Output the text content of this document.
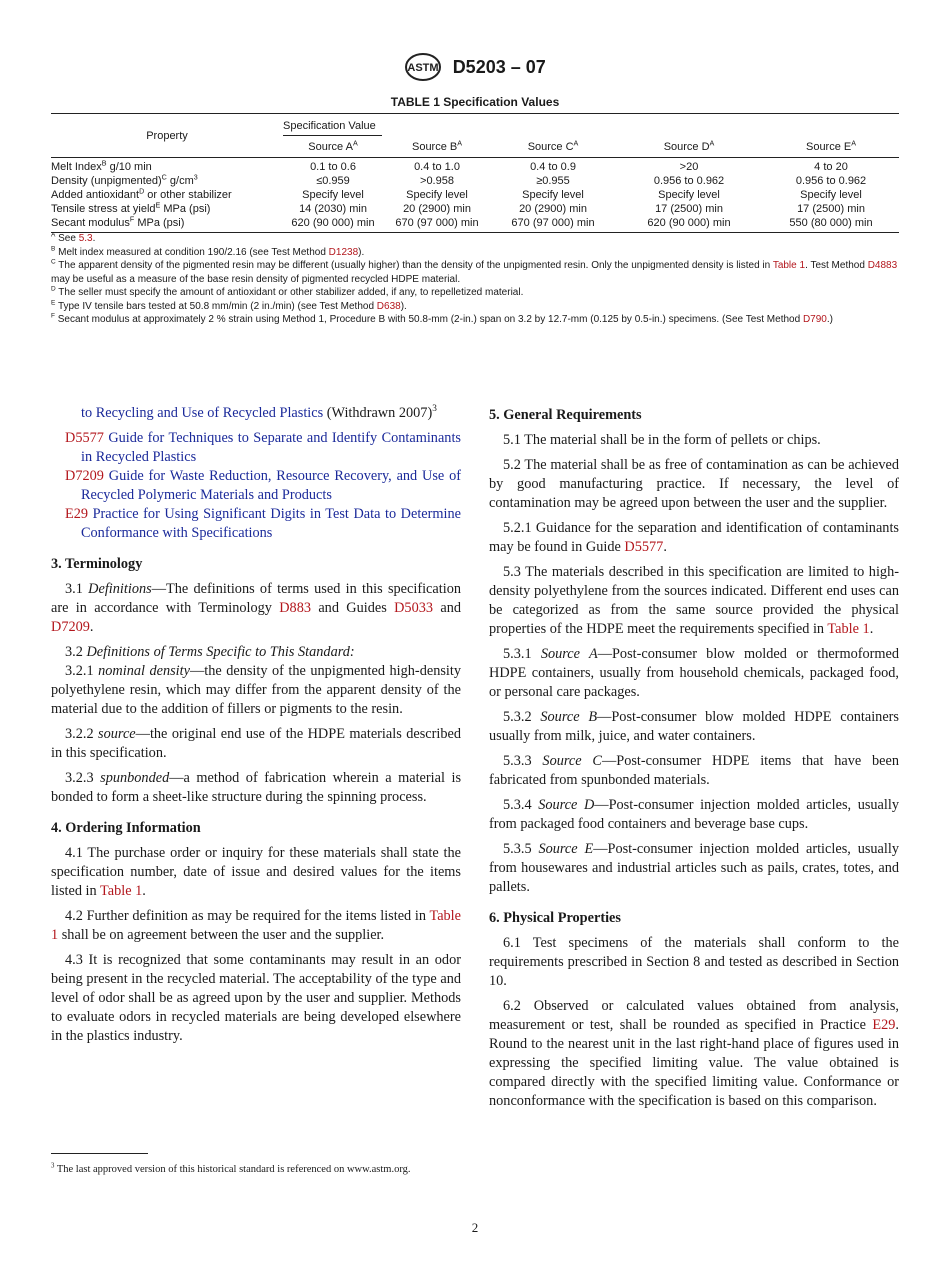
ASTM D5203 – 07
TABLE 1 Specification Values
Property	Specification Value				
	Source $A^A$	Source $B^A$	Source $C^A$	Source $D^A$	Source $E^A$
Melt Index$^B$ g/10 min	0.1 to 0.6	0.4 to 1.0	0.4 to 0.9	>20	4 to 20
Density (unpigmented)$^C$ $g/cm^3$	≤0.959	>0.958	≥0.955	0.956 to 0.962	0.956 to 0.962
Added antioxidant$^D$ or other stabilizer	Specify level	Specify level	Specify level	Specify level	Specify level
Tensile stress at yield$^E$ MPa (psi)	14 (2030) min	20 (2900) min	20 (2900) min	17 (2500) min	17 (2500) min
Secant modulus$^F$ MPa (psi)	620 (90 000) min	670 (97 000) min	670 (97 000) min	620 (90 000) min	550 (80 000) min

$^A$ See 5.3.

$^B$ Melt index measured at condition 190/2.16 (see Test Method D1238).

$^C$ The apparent density of the pigmented resin may be different (usually higher) than the density of the unpigmented resin. Only the unpigmented density is listed in Table 1. Test Method D4883 may be useful as a measure of the base resin density of pigmented recycled HDPE material.

$^D$ The seller must specify the amount of antioxidant or other stabilizer added, if any, to repelletized material.

$^E$ Type IV tensile bars tested at 50.8 mm/min (2 in./min) (see Test Method D638).

$^F$ Secant modulus at approximately 2 % strain using Method 1, Procedure B with 50.8-mm (2-in.) span on 3.2 by 12.7-mm (0.125 by 0.5-in.) specimens. (See Test Method D790.)

to Recycling and Use of Recycled Plastics (Withdrawn 2007)$^3$

D5577 Guide for Techniques to Separate and Identify Contaminants in Recycled Plastics

D7209 Guide for Waste Reduction, Resource Recovery, and Use of Recycled Polymeric Materials and Products

E29 Practice for Using Significant Digits in Test Data to Determine Conformance with Specifications

3. Terminology

3.1 Definitions—The definitions of terms used in this specification are in accordance with Terminology D883 and Guides D5033 and D7209.

3.2 Definitions of Terms Specific to This Standard:

3.2.1 nominal density—the density of the unpigmented high-density polyethylene resin, which may differ from the apparent density of the material due to the addition of fillers or pigments to the resin.

3.2.2 source—the original end use of the HDPE materials described in this specification.

3.2.3 spunbonded—a method of fabrication wherein a material is bonded to form a sheet-like structure during the spinning process.

4. Ordering Information

4.1 The purchase order or inquiry for these materials shall state the specification number, date of issue and desired values for the items listed in Table 1.

4.2 Further definition as may be required for the items listed in Table 1 shall be on agreement between the user and the supplier.

4.3 It is recognized that some contaminants may result in an odor being present in the recycled material. The acceptability of the type and level of odor shall be as agreed upon by the user and supplier. Methods to evaluate odors in recycled materials are being developed elsewhere in the plastics industry.

5. General Requirements

5.1 The material shall be in the form of pellets or chips.

5.2 The material shall be as free of contamination as can be achieved by good manufacturing practice. If necessary, the level of contamination may be agreed upon between the user and the supplier.

5.2.1 Guidance for the separation and identification of contaminants may be found in Guide D5577.

5.3 The materials described in this specification are limited to high-density polyethylene from the sources indicated. Different end uses can be categorized as from the same source provided the physical properties of the HDPE meet the requirements specified in Table 1.

5.3.1 Source A—Post-consumer blow molded or thermoformed HDPE containers, usually from household chemicals, packaged food, or personal care packages.

5.3.2 Source B—Post-consumer blow molded HDPE containers usually from milk, juice, and water containers.

5.3.3 Source C—Post-consumer HDPE items that have been fabricated from spunbonded materials.

5.3.4 Source D—Post-consumer injection molded articles, usually from packaged food containers and beverage base cups.

5.3.5 Source E—Post-consumer injection molded articles, usually from housewares and industrial articles such as pails, crates, totes, and pallets.

6. Physical Properties

6.1 Test specimens of the materials shall conform to the requirements prescribed in Section 8 and tested as described in Section 10.

6.2 Observed or calculated values obtained from analysis, measurement or test, shall be rounded as specified in Practice E29. Round to the nearest unit in the last right-hand place of figures used in expressing the specified limiting value. The value obtained is compared directly with the specified limiting value. Conformance or nonconformance with the specification is based on this comparison.

$^3$ The last approved version of this historical standard is referenced on www.astm.org.
2
